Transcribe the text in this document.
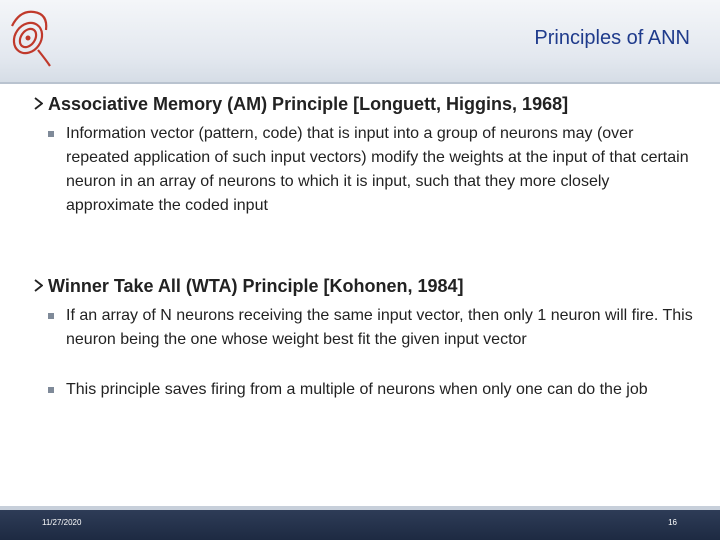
Principles of ANN
Associative Memory (AM) Principle [Longuett, Higgins, 1968]
Information vector (pattern, code) that is input into a group of neurons may (over repeated application of such input vectors) modify the weights at the input of that certain neuron in an array of neurons to which it is input, such that they more closely approximate the coded input
Winner Take All (WTA) Principle [Kohonen, 1984]
If an array of N neurons receiving the same input vector, then only 1 neuron will fire. This neuron being the one whose weight best fit the given input vector
This principle saves firing from a multiple of neurons when only one can do the job
11/27/2020	16
